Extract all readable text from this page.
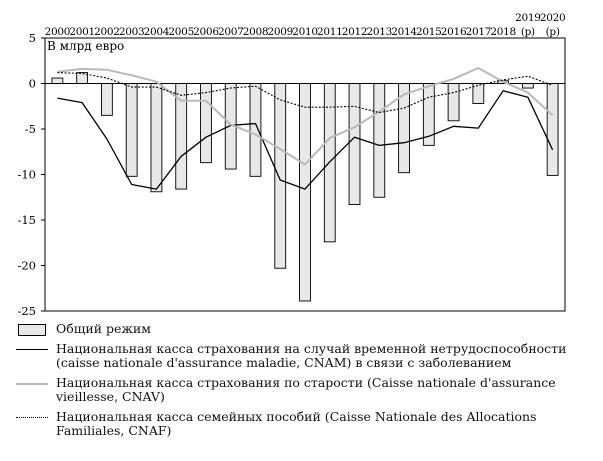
В млрд евро
5
0
-5
-10
-15
-20
-25
2000 2001 2002 2003 2004 2005 2006 2007 2008 2009 2010 2011 2012 2013 2014 2015 2016 2017 2018
2019
(p)
2020
(p)
Общий режим
Национальная касса страхования на случай временной нетрудоспособности (caisse nationale d'assurance maladie, CNAM) в связи с заболеванием
Национальная касса страхования по старости (Caisse nationale d'assurance vieillesse, CNAV)
Национальная касса семейных пособий (Caisse Nationale des Allocations Familiales, CNAF)
